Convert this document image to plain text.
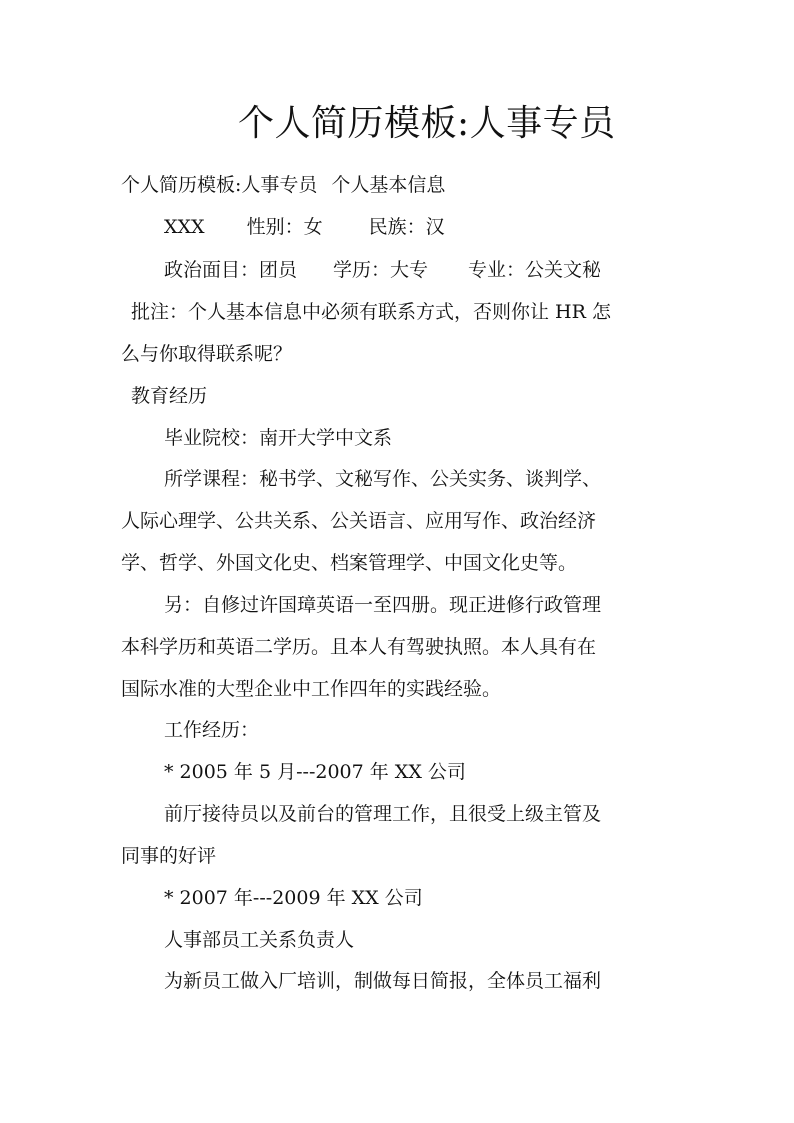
个人简历模板:人事专员
个人简历模板:人事专员 个人基本信息
XXX 性别：女 民族：汉
政治面目：团员 学历：大专 专业：公关文秘
批注：个人基本信息中必须有联系方式，否则你让 HR 怎
么与你取得联系呢？
教育经历
毕业院校：南开大学中文系
所学课程：秘书学、文秘写作、公关实务、谈判学、
人际心理学、公共关系、公关语言、应用写作、政治经济
学、哲学、外国文化史、档案管理学、中国文化史等。
另：自修过许国璋英语一至四册。现正进修行政管理
本科学历和英语二学历。且本人有驾驶执照。本人具有在
国际水准的大型企业中工作四年的实践经验。
工作经历：
* 2005 年 5 月---2007 年 XX 公司
前厅接待员以及前台的管理工作，且很受上级主管及
同事的好评
* 2007 年---2009 年 XX 公司
人事部员工关系负责人
为新员工做入厂培训，制做每日简报，全体员工福利
